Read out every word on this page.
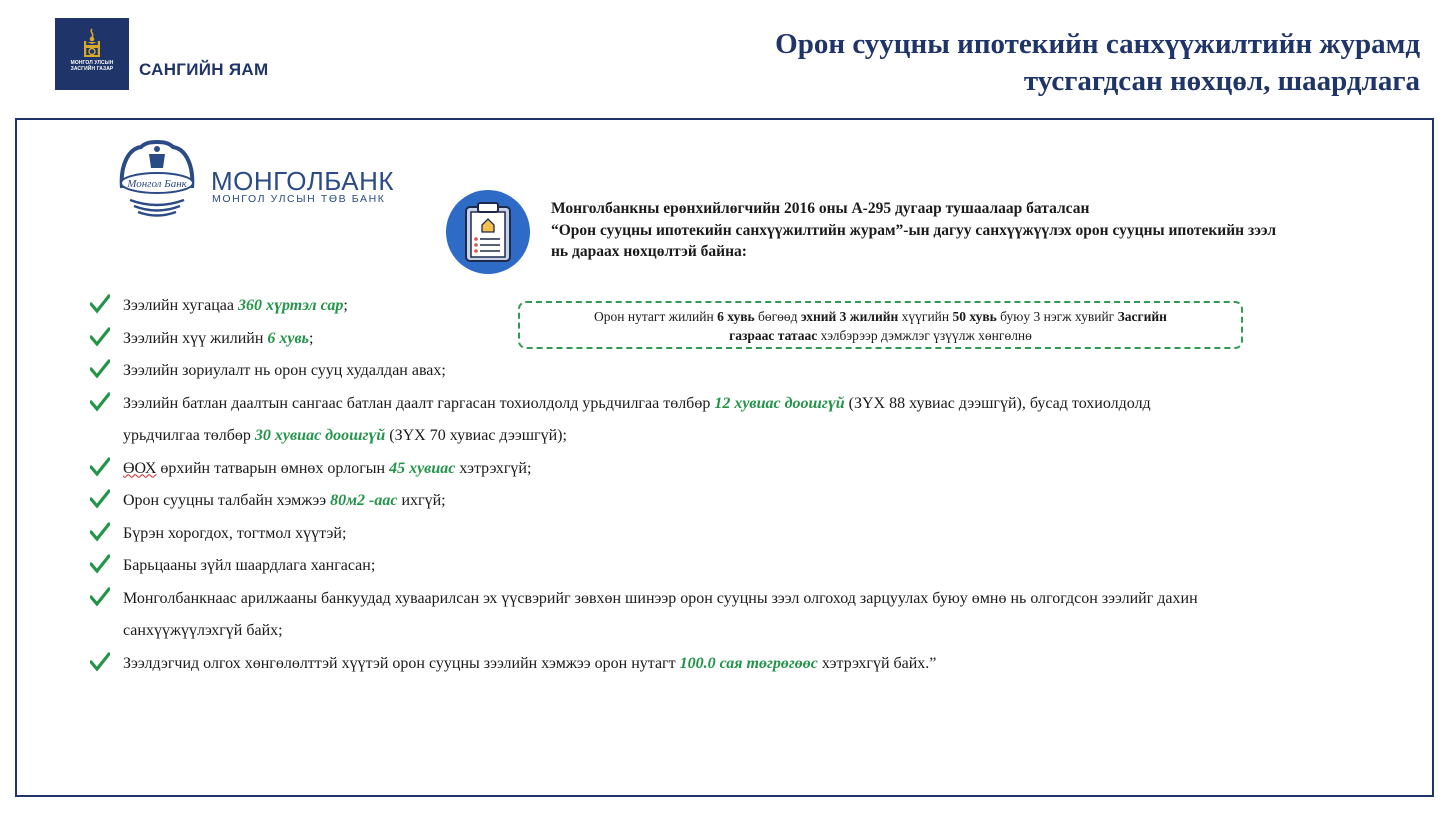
МОНГОЛ УЛСЫН
ЗАСГИЙН ГАЗАР САНГИЙН ЯАМ
Орон сууцны ипотекийн санхүүжилтийн журамд
тусгагдсан нөхцөл, шаардлага
Монгол Банк МОНГОЛБАНК
МОНГОЛ УЛСЫН ТӨВ БАНК
Монголбанкны ерөнхийлөгчийн 2016 оны А-295 дугаар тушаалаар баталсан
“Орон сууцны ипотекийн санхүүжилтийн журам”-ын дагуу санхүүжүүлэх орон сууцны ипотекийн зээл
нь дараах нөхцөлтэй байна:
Орон нутагт жилийн 6 хувь бөгөөд эхний 3 жилийн хүүгийн 50 хувь буюу 3 нэгж хувийг Засгийн
газраас татаас хэлбэрээр дэмжлэг үзүүлж хөнгөлнө
Зээлийн хугацаа 360 хүртэл сар;
Зээлийн хүү жилийн 6 хувь;
Зээлийн зориулалт нь орон сууц худалдан авах;
Зээлийн батлан даалтын сангаас батлан даалт гаргасан тохиолдолд урьдчилгаа төлбөр 12 хувиас доошгүй (ЗҮХ 88 хувиас дээшгүй), бусад тохиолдолд
урьдчилгаа төлбөр 30 хувиас доошгүй (ЗҮХ 70 хувиас дээшгүй);
ӨОХ өрхийн татварын өмнөх орлогын 45 хувиас хэтрэхгүй;
Орон сууцны талбайн хэмжээ 80м2 -аас ихгүй;
Бүрэн хорогдох, тогтмол хүүтэй;
Барьцааны зүйл шаардлага хангасан;
Монголбанкнаас арилжааны банкуудад хуваарилсан эх үүсвэрийг зөвхөн шинээр орон сууцны зээл олгоход зарцуулах буюу өмнө нь олгогдсон зээлийг дахин
санхүүжүүлэхгүй байх;
Зээлдэгчид олгох хөнгөлөлттэй хүүтэй орон сууцны зээлийн хэмжээ орон нутагт 100.0 сая төгрөгөөс хэтрэхгүй байх.”
